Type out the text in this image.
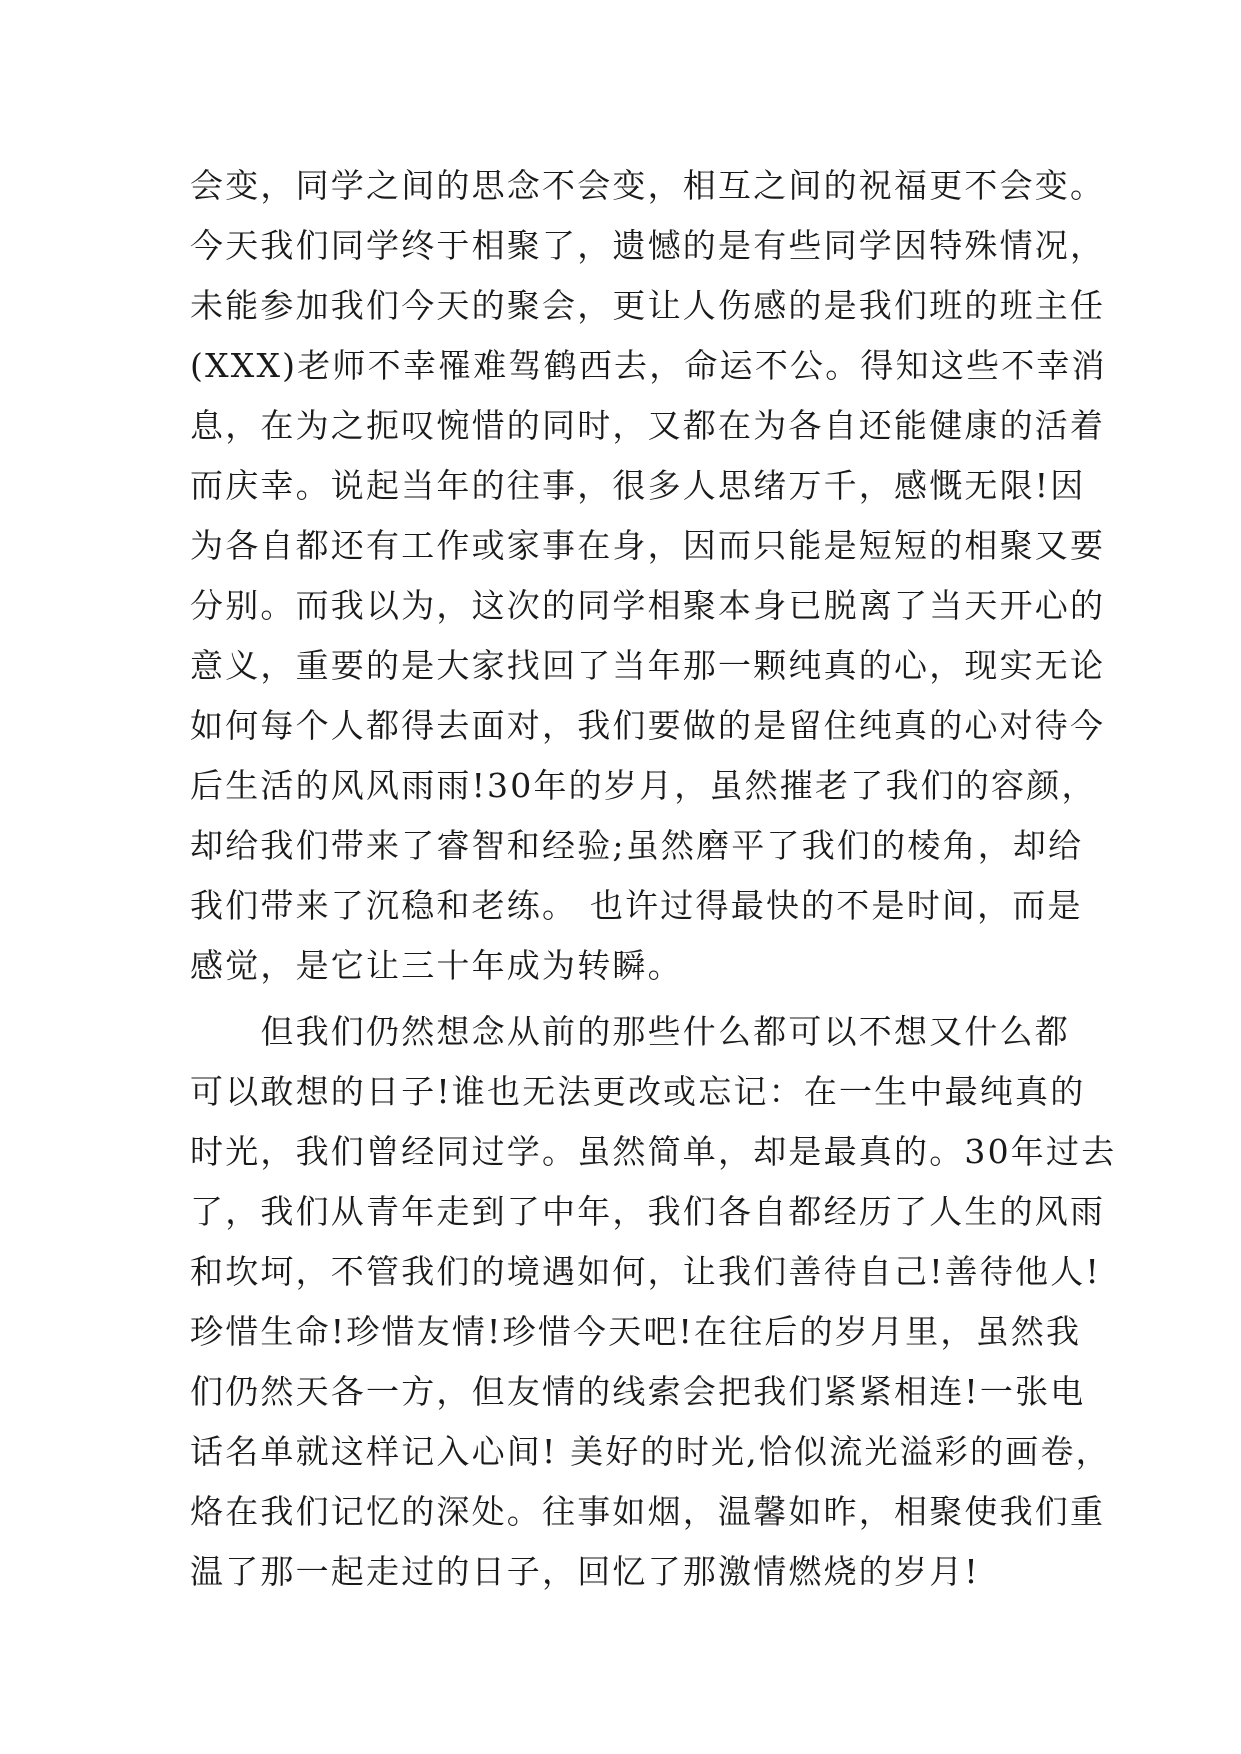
会变，同学之间的思念不会变，相互之间的祝福更不会变。
今天我们同学终于相聚了，遗憾的是有些同学因特殊情况，
未能参加我们今天的聚会，更让人伤感的是我们班的班主任
(XXX)老师不幸罹难驾鹤西去，命运不公。得知这些不幸消
息，在为之扼叹惋惜的同时，又都在为各自还能健康的活着
而庆幸。说起当年的往事，很多人思绪万千，感慨无限!因
为各自都还有工作或家事在身，因而只能是短短的相聚又要
分别。而我以为，这次的同学相聚本身已脱离了当天开心的
意义，重要的是大家找回了当年那一颗纯真的心，现实无论
如何每个人都得去面对，我们要做的是留住纯真的心对待今
后生活的风风雨雨!30年的岁月，虽然摧老了我们的容颜，
却给我们带来了睿智和经验;虽然磨平了我们的棱角，却给
我们带来了沉稳和老练。 也许过得最快的不是时间，而是
感觉，是它让三十年成为转瞬。
　　但我们仍然想念从前的那些什么都可以不想又什么都
可以敢想的日子!谁也无法更改或忘记：在一生中最纯真的
时光，我们曾经同过学。虽然简单，却是最真的。30年过去
了，我们从青年走到了中年，我们各自都经历了人生的风雨
和坎坷，不管我们的境遇如何，让我们善待自己!善待他人!
珍惜生命!珍惜友情!珍惜今天吧!在往后的岁月里，虽然我
们仍然天各一方，但友情的线索会把我们紧紧相连!一张电
话名单就这样记入心间! 美好的时光,恰似流光溢彩的画卷，
烙在我们记忆的深处。往事如烟，温馨如昨，相聚使我们重
温了那一起走过的日子，回忆了那激情燃烧的岁月!
